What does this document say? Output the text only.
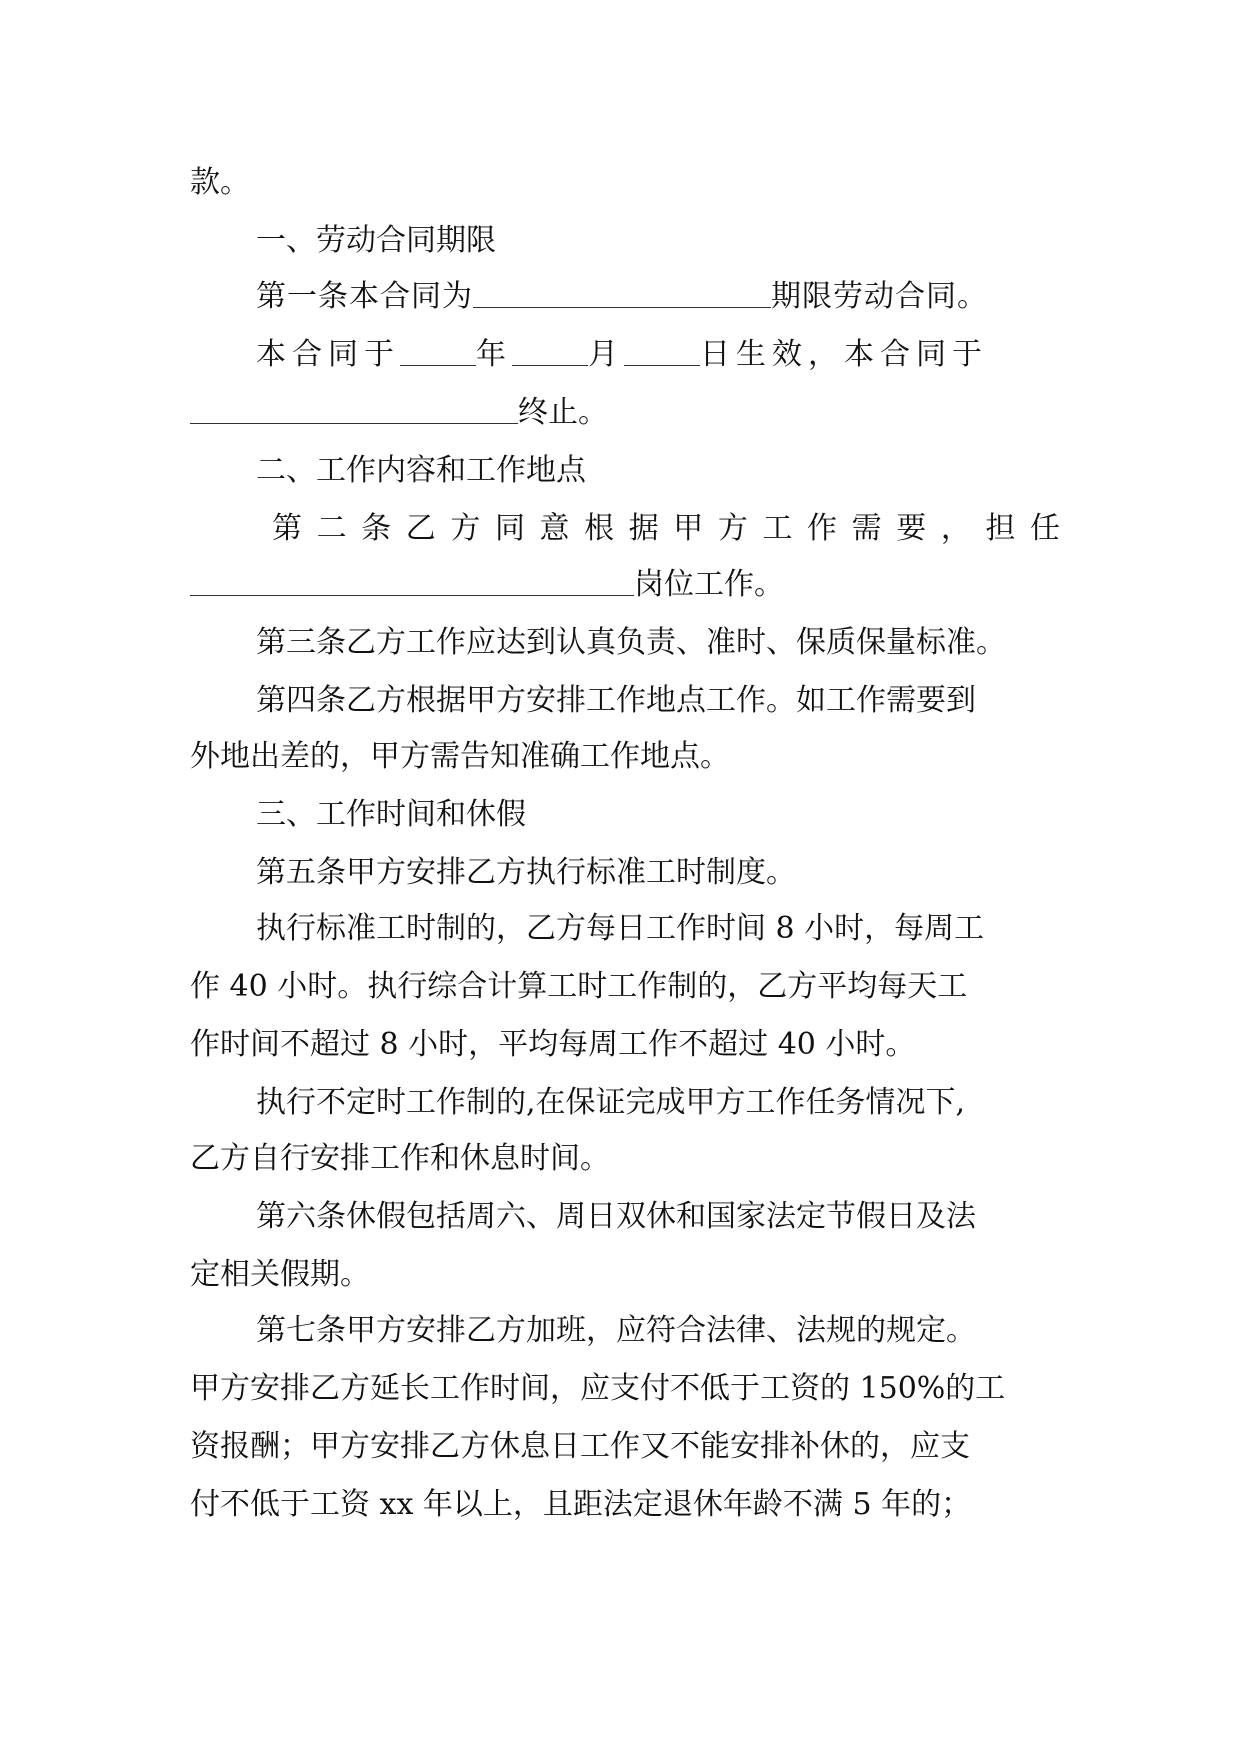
款。
一、劳动合同期限
第一条本合同为	期限劳动合同。
本合同于	年	月	日生效，本合同于
终止。
二、工作内容和工作地点
第二条乙方同意根据甲方工作需要，担任
岗位工作。
第三条乙方工作应达到认真负责、准时、保质保量标准。
第四条乙方根据甲方安排工作地点工作。如工作需要到
外地出差的，甲方需告知准确工作地点。
三、工作时间和休假
第五条甲方安排乙方执行标准工时制度。
执行标准工时制的，乙方每日工作时间 8 小时，每周工
作 40 小时。执行综合计算工时工作制的，乙方平均每天工
作时间不超过 8 小时，平均每周工作不超过 40 小时。
执行不定时工作制的,在保证完成甲方工作任务情况下,
乙方自行安排工作和休息时间。
第六条休假包括周六、周日双休和国家法定节假日及法
定相关假期。
第七条甲方安排乙方加班，应符合法律、法规的规定。
甲方安排乙方延长工作时间，应支付不低于工资的 150%的工
资报酬；甲方安排乙方休息日工作又不能安排补休的，应支
付不低于工资 xx 年以上，且距法定退休年龄不满 5 年的；
